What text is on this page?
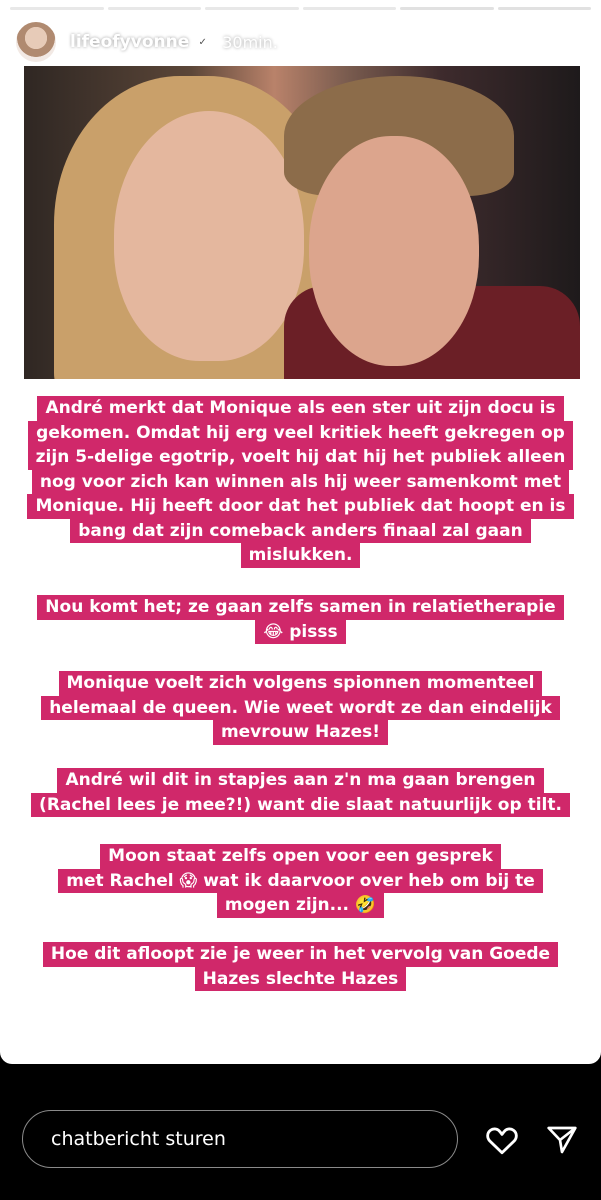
lifeofyvonne ✓ 30min.	•••
André merkt dat Monique als een ster uit zijn docu is
gekomen. Omdat hij erg veel kritiek heeft gekregen op
zijn 5-delige egotrip, voelt hij dat hij het publiek alleen
nog voor zich kan winnen als hij weer samenkomt met
Monique. Hij heeft door dat het publiek dat hoopt en is
bang dat zijn comeback anders finaal zal gaan
mislukken.
Nou komt het; ze gaan zelfs samen in relatietherapie
😂 pisss
Monique voelt zich volgens spionnen momenteel
helemaal de queen. Wie weet wordt ze dan eindelijk
mevrouw Hazes!
André wil dit in stapjes aan z'n ma gaan brengen
(Rachel lees je mee?!) want die slaat natuurlijk op tilt.
Moon staat zelfs open voor een gesprek
met Rachel 😱 wat ik daarvoor over heb om bij te
mogen zijn... 🤣
Hoe dit afloopt zie je weer in het vervolg van Goede
Hazes slechte Hazes
chatbericht sturen
